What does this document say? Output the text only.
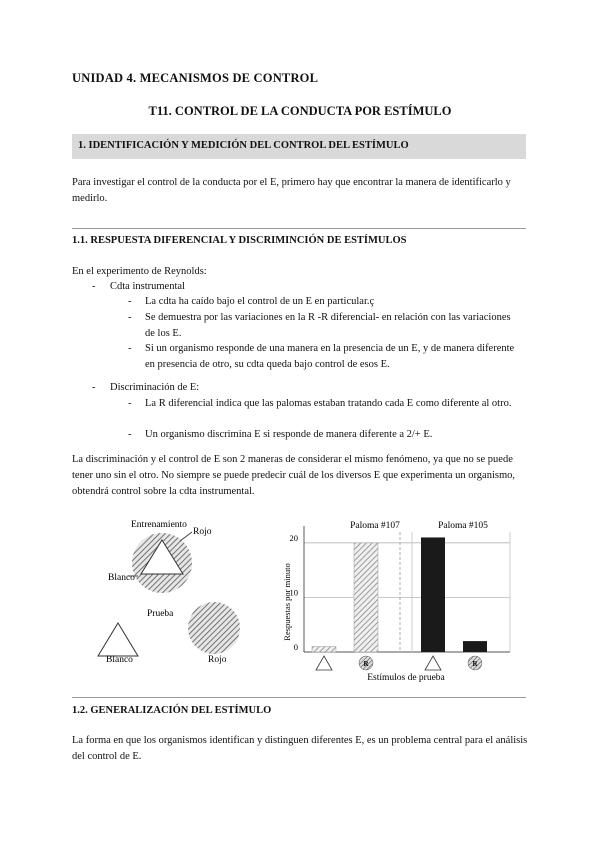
UNIDAD 4. MECANISMOS DE CONTROL
T11. CONTROL DE LA CONDUCTA POR ESTÍMULO
1. IDENTIFICACIÓN Y MEDICIÓN DEL CONTROL DEL ESTÍMULO
Para investigar el control de la conducta por el E, primero hay que encontrar la manera de identificarlo y medirlo.
1.1. RESPUESTA DIFERENCIAL Y DISCRIMINCIÓN DE ESTÍMULOS
En el experimento de Reynolds:
- Cdta instrumental
- La cdta ha caído bajo el control de un E en particular.ç
- Se demuestra por las variaciones en la R -R diferencial- en relación con las variaciones de los E.
- Si un organismo responde de una manera en la presencia de un E, y de manera diferente en presencia de otro, su cdta queda bajo control de esos E.
- Discriminación de E:
- La R diferencial indica que las palomas estaban tratando cada E como diferente al otro.
- Un organismo discrimina E si responde de manera diferente a 2/+ E.
La discriminación y el control de E son 2 maneras de considerar el mismo fenómeno, ya que no se puede tener uno sin el otro. No siempre se puede predecir cuál de los diversos E que experimenta un organismo, obtendrá control sobre la cdta instrumental.
Entrenamiento
Rojo
Blanco
Prueba
Blanco	Rojo
Paloma #107	Paloma #105
Respuestas por minuto
Estímulos de prueba
0
10
20
R	R
1.2. GENERALIZACIÓN DEL ESTÍMULO
La forma en que los organismos identifican y distinguen diferentes E, es un problema central para el análisis del control de E.
